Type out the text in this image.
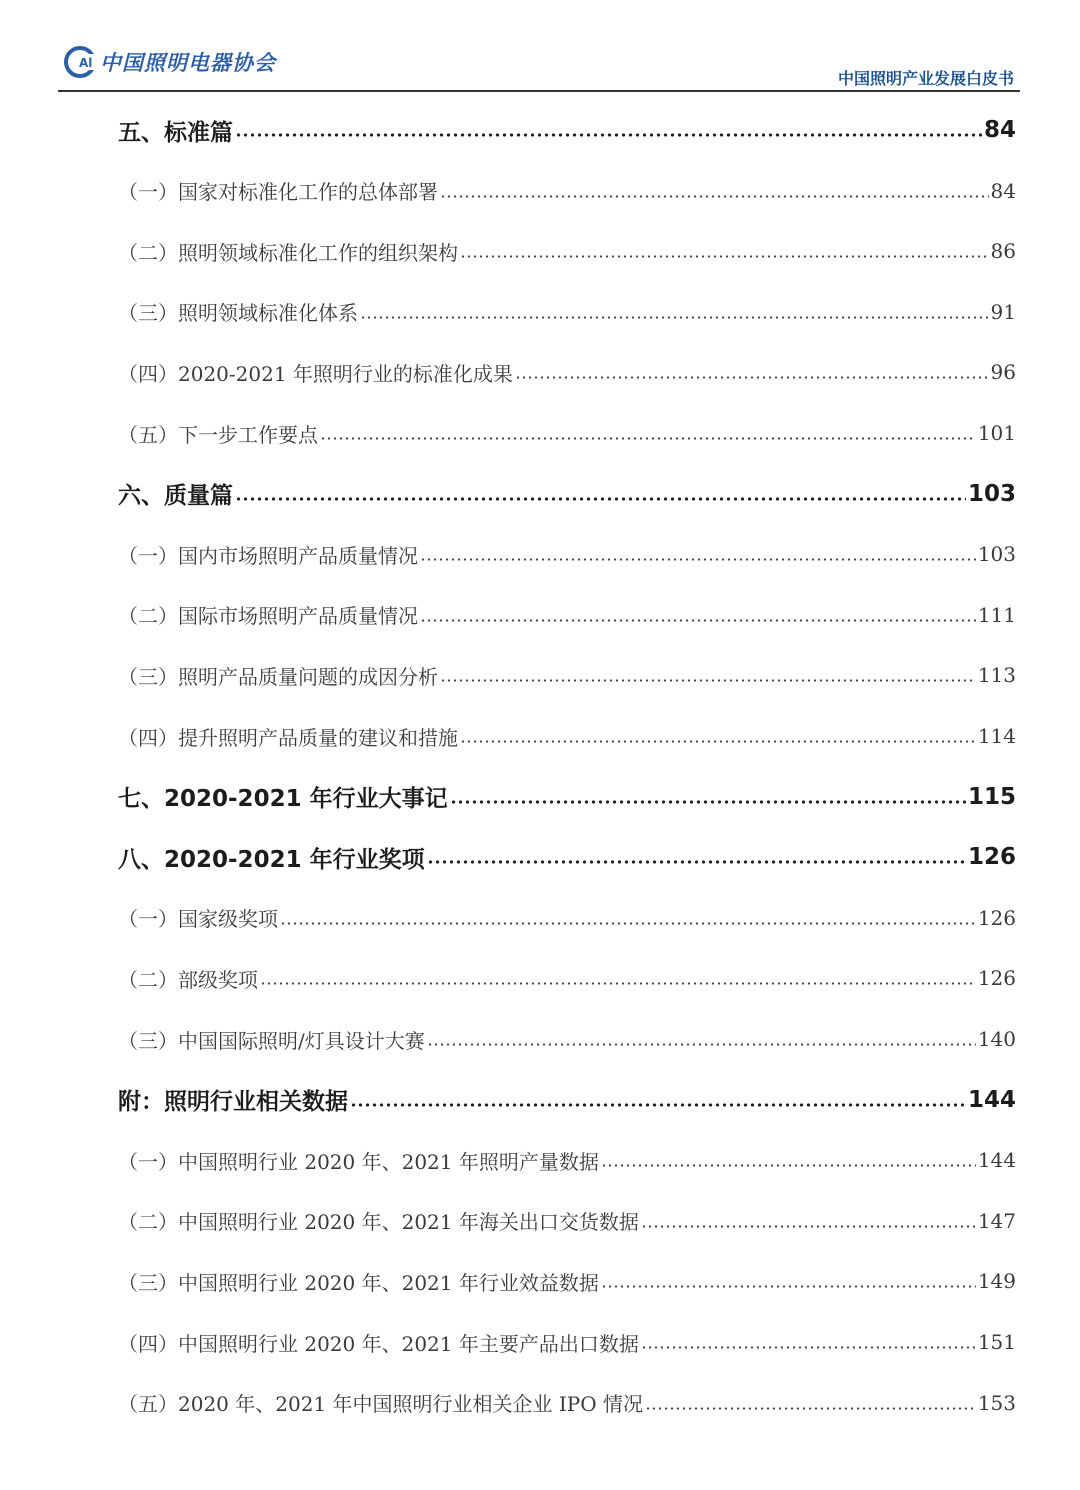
Al 中国照明电器协会
中国照明产业发展白皮书
五、标准篇	84
（一）国家对标准化工作的总体部署	84
（二）照明领域标准化工作的组织架构	86
（三）照明领域标准化体系	91
（四）2020-2021 年照明行业的标准化成果	96
（五）下一步工作要点	101
六、质量篇	103
（一）国内市场照明产品质量情况	103
（二）国际市场照明产品质量情况	111
（三）照明产品质量问题的成因分析	113
（四）提升照明产品质量的建议和措施	114
七、2020-2021 年行业大事记	115
八、2020-2021 年行业奖项	126
（一）国家级奖项	126
（二）部级奖项	126
（三）中国国际照明/灯具设计大赛	140
附：照明行业相关数据	144
（一）中国照明行业 2020 年、2021 年照明产量数据	144
（二）中国照明行业 2020 年、2021 年海关出口交货数据	147
（三）中国照明行业 2020 年、2021 年行业效益数据	149
（四）中国照明行业 2020 年、2021 年主要产品出口数据	151
（五）2020 年、2021 年中国照明行业相关企业 IPO 情况	153
